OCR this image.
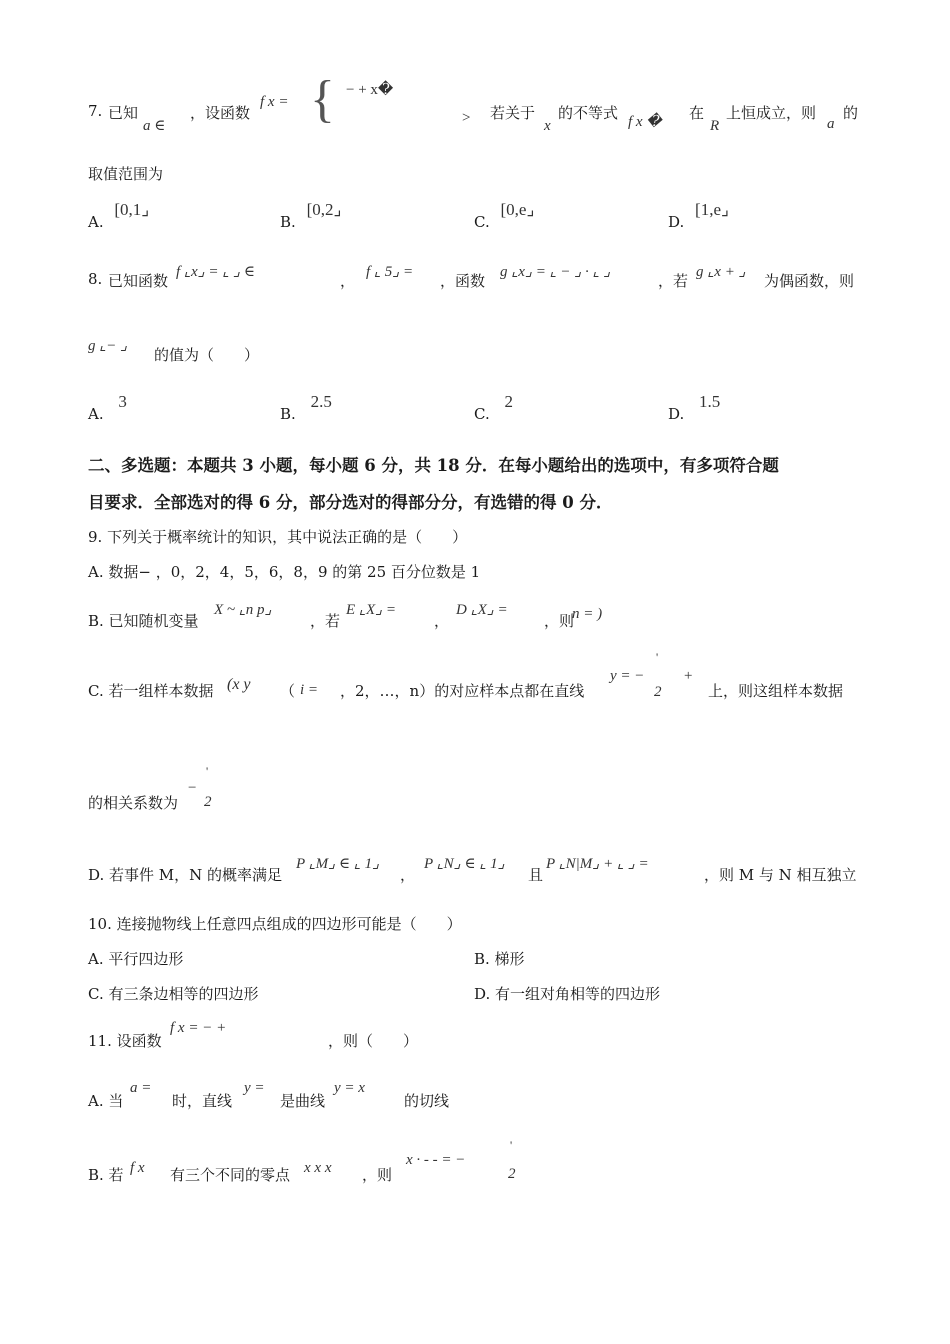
7. 已知
a ∈
，设函数
f x = { − + x�
> 若关于
x
的不等式 f x � 在
R
上恒成立，则
a
的
取值范围为
A. [0,1⌟
B. [0,2⌟
C. [0,e⌟
D. [1,e⌟
8. 已知函数 f ⌞x⌟ = ⌞ ⌟ ∈	， f ⌞ 5⌟ = ，函数 g ⌞x⌟ = ⌞ − ⌟ · ⌞ ⌟	，若 g ⌞x + ⌟ 为偶函数，则
g ⌞− ⌟ 的值为（　　）
A. 3
B. 2.5
C. 2
D. 1.5
二、多选题：本题共 3 小题，每小题 6 分，共 18 分．在每小题给出的选项中，有多项符合题
目要求．全部选对的得 6 分，部分选对的得部分分，有选错的得 0 分．
9. 下列关于概率统计的知识，其中说法正确的是（　　）
A. 数据− ，0，2，4，5，6，8，9 的第 25 百分位数是 1
B. 已知随机变量
X ~ ⌞n p⌟
，若
E ⌞X⌟ =
，
D ⌞X⌟ =
，则
n = )
C. 若一组样本数据 (x y （ i = ，2，…，n）的对应样本点都在直线
y = −
'
2
+
上，则这组样本数据
的相关系数为
−
'
2
D. 若事件 M，N 的概率满足
P ⌞M⌟ ∈ ⌞ 1⌟
，
P ⌞N⌟ ∈ ⌞ 1⌟
且
P ⌞N|M⌟ + ⌞ ⌟ =
，则 M 与 N 相互独立
10. 连接抛物线上任意四点组成的四边形可能是（　　）
A. 平行四边形	B. 梯形
C. 有三条边相等的四边形	D. 有一组对角相等的四边形
11. 设函数
f x = − +
，则（　　）
A. 当
a =
时，直线
y =
是曲线
y = x
的切线
B. 若 f x 有三个不同的零点 x x x ，则
x · - - = −
'
2
